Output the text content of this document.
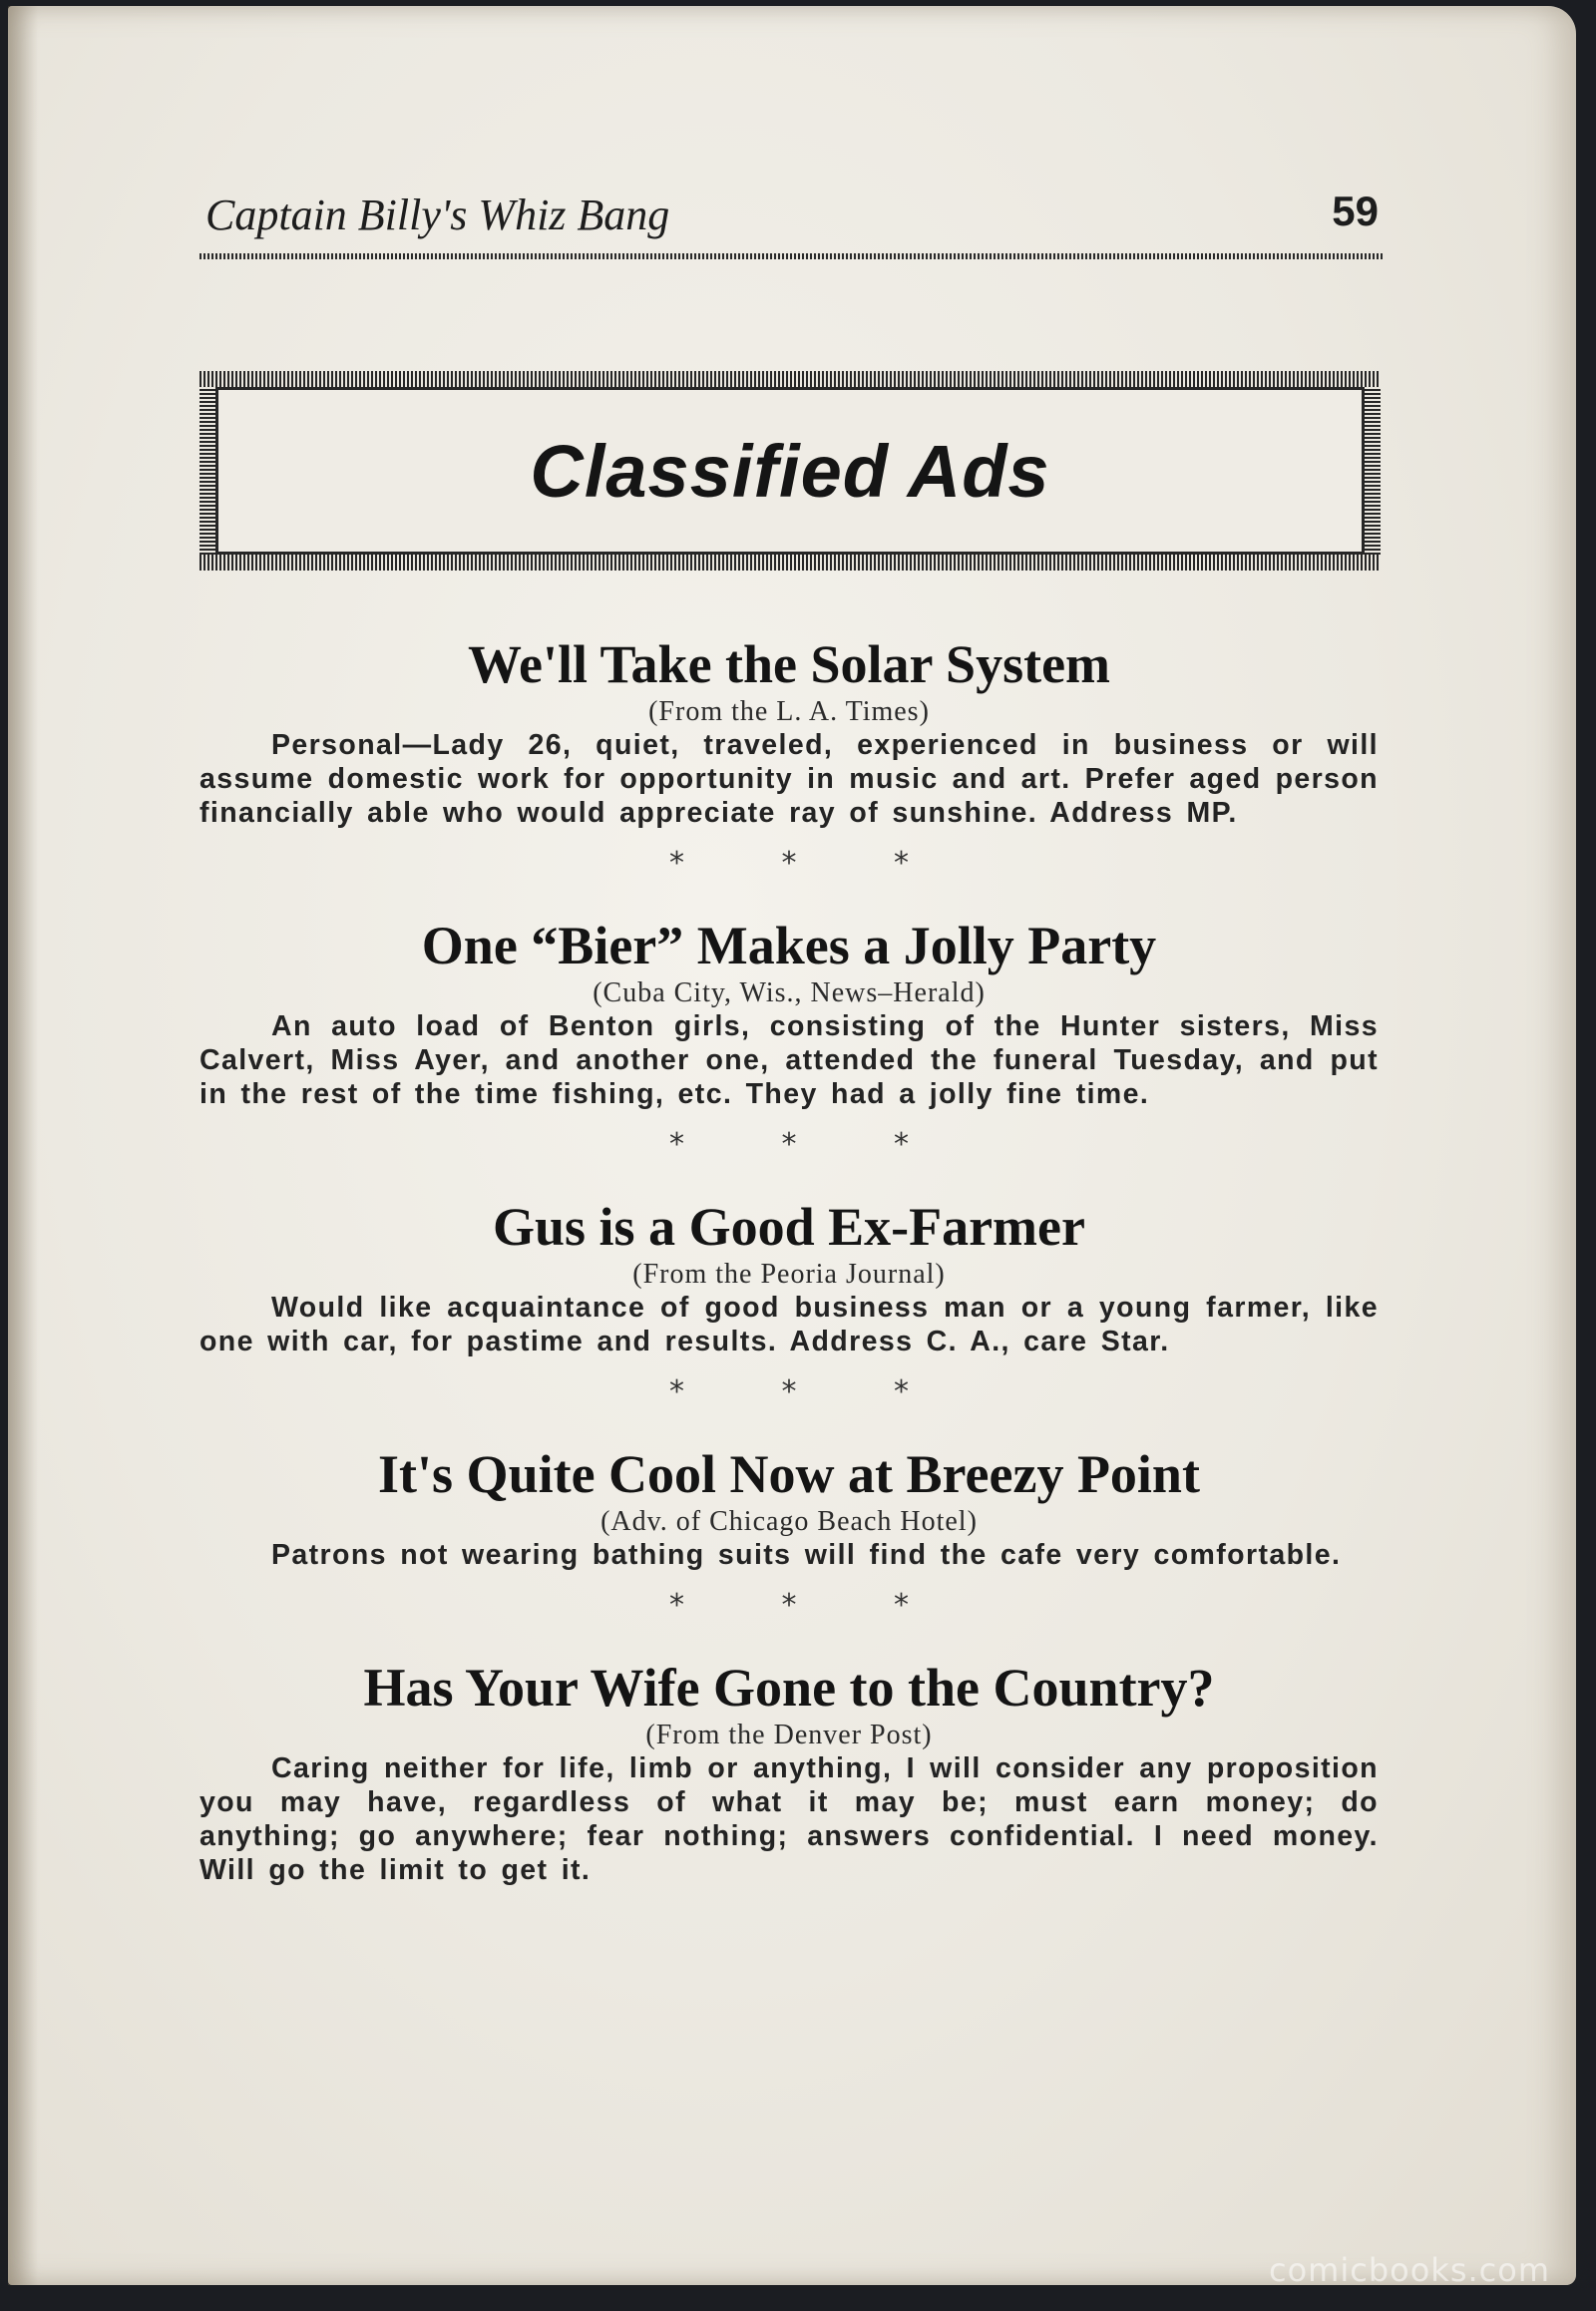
Captain Billy's Whiz Bang	59
Classified Ads
We'll Take the Solar System

(From the L. A. Times)

Personal—Lady 26, quiet, traveled, experienced in business or will assume domestic work for opportunity in music and art. Prefer aged person financially able who would appreciate ray of sunshine. Address MP.

* * *
One “Bier” Makes a Jolly Party

(Cuba City, Wis., News–Herald)

An auto load of Benton girls, consisting of the Hunter sisters, Miss Calvert, Miss Ayer, and another one, attended the funeral Tuesday, and put in the rest of the time fishing, etc. They had a jolly fine time.

* * *
Gus is a Good Ex-Farmer

(From the Peoria Journal)

Would like acquaintance of good business man or a young farmer, like one with car, for pastime and results. Address C. A., care Star.

* * *
It's Quite Cool Now at Breezy Point

(Adv. of Chicago Beach Hotel)

Patrons not wearing bathing suits will find the cafe very comfortable.

* * *
Has Your Wife Gone to the Country?

(From the Denver Post)

Caring neither for life, limb or anything, I will consider any proposition you may have, regardless of what it may be; must earn money; do anything; go anywhere; fear nothing; answers confidential. I need money. Will go the limit to get it.

comicbooks.com
